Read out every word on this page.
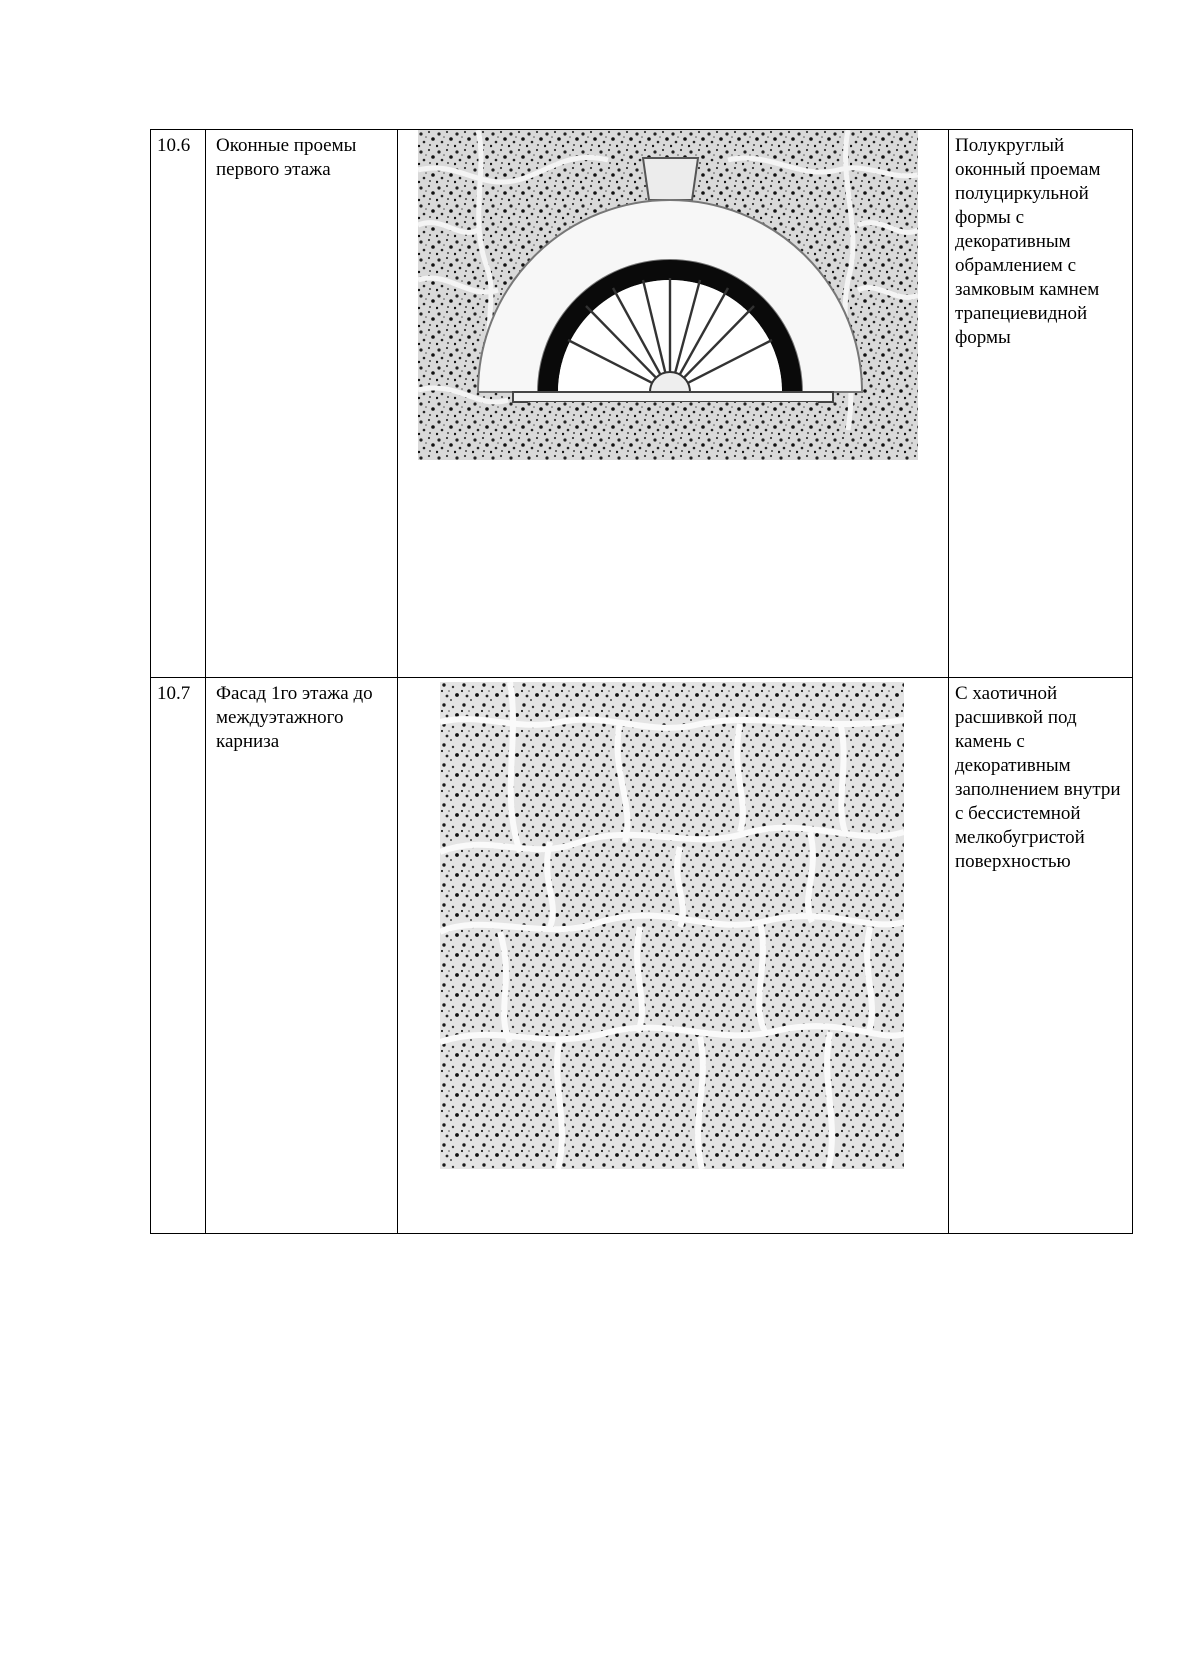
10.6	Оконные проемы первого этажа		Полукруглый оконный проемам полуциркульной формы с декоративным обрамлением с замковым камнем трапециевидной формы

10.7	Фасад 1го этажа до междуэтажного карниза		С хаотичной расшивкой под камень с декоративным заполнением внутри с бессистемной мелкобугристой поверхностью
